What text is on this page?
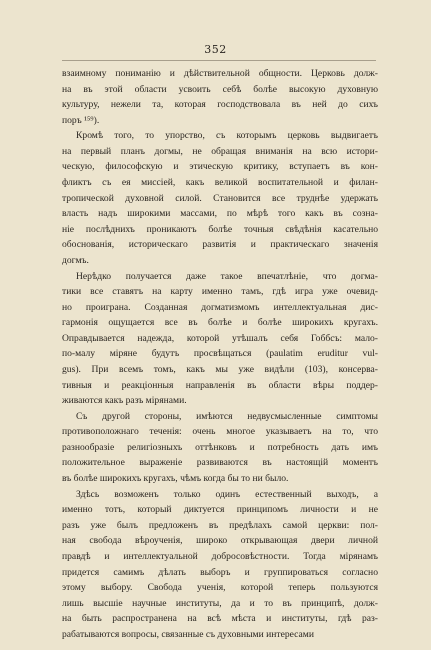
352
взаимному пониманію и дѣйствительной общности. Церковь долж-
на въ этой области усвоить себѣ болѣе высокую духовную
культуру, нежели та, которая господствовала въ ней до сихъ
поръ ¹⁵⁹).
Кромѣ того, то упорство, съ которымъ церковь выдвигаетъ
на первый планъ догмы, не обращая вниманія на всю истори-
ческую, философскую и этическую критику, вступаетъ въ кон-
фликтъ съ ея миссіей, какъ великой воспитательной и филан-
тропической духовной силой. Становится все труднѣе удержать
власть надъ широкими массами, по мѣрѣ того какъ въ созна-
ніе послѣднихъ проникаютъ болѣе точныя свѣдѣнія касательно
обоснованія, историческаго развитія и практическаго значенія
догмъ.
Нерѣдко получается даже такое впечатлѣніе, что догма-
тики все ставятъ на карту именно тамъ, гдѣ игра уже очевид-
но проиграна. Созданная догматизмомъ интеллектуальная дис-
гармонія ощущается все въ болѣе и болѣе широкихъ кругахъ.
Оправдывается надежда, которой утѣшалъ себя Гоббсъ: мало-
по-малу міряне будутъ просвѣщаться (paulatim eruditur vul-
gus). При всемъ томъ, какъ мы уже видѣли (103), консерва-
тивныя и реакціонныя направленія въ области вѣры поддер-
живаются какъ разъ мірянами.
Съ другой стороны, имѣются недвусмысленные симптомы
противоположнаго теченія: очень многое указываетъ на то, что
разнообразіе религіозныхъ оттѣнковъ и потребность дать имъ
положительное выраженіе развиваются въ настоящій моментъ
въ болѣе широкихъ кругахъ, чѣмъ когда бы то ни было.
Здѣсь возможенъ только одинъ естественный выходъ, а
именно тотъ, который диктуется принципомъ личности и не
разъ уже былъ предложенъ въ предѣлахъ самой церкви: пол-
ная свобода вѣроученія, широко открывающая двери личной
правдѣ и интеллектуальной добросовѣстности. Тогда мірянамъ
придется самимъ дѣлать выборъ и группироваться согласно
этому выбору. Свобода ученія, которой теперь пользуются
лишь высшіе научные институты, да и то въ принципѣ, долж-
на быть распространена на всѣ мѣста и институты, гдѣ раз-
рабатываются вопросы, связанные съ духовными интересами
